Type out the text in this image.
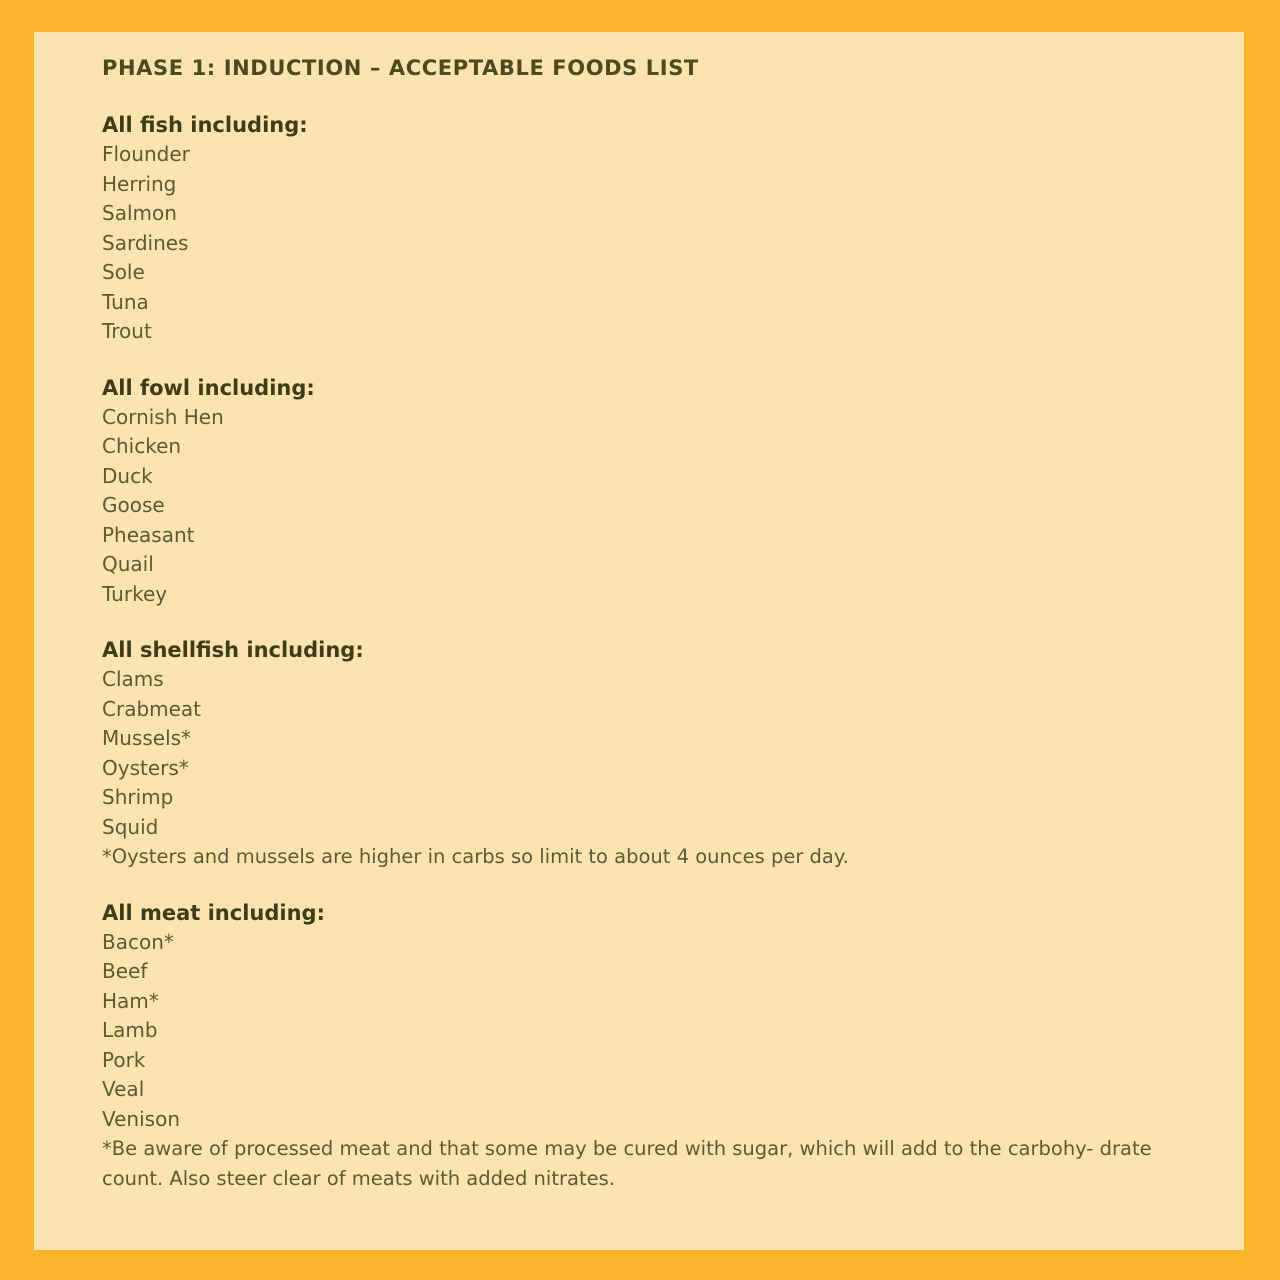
PHASE 1: INDUCTION – ACCEPTABLE FOODS LIST
All fish including:
Flounder
Herring
Salmon
Sardines
Sole
Tuna
Trout
All fowl including:
Cornish Hen
Chicken
Duck
Goose
Pheasant
Quail
Turkey
All shellfish including:
Clams
Crabmeat
Mussels*
Oysters*
Shrimp
Squid

*Oysters and mussels are higher in carbs so limit to about 4 ounces per day.

All meat including:
Bacon*
Beef
Ham*
Lamb
Pork
Veal
Venison

*Be aware of processed meat and that some may be cured with sugar, which will add to the carbohy- drate count. Also steer clear of meats with added nitrates.
